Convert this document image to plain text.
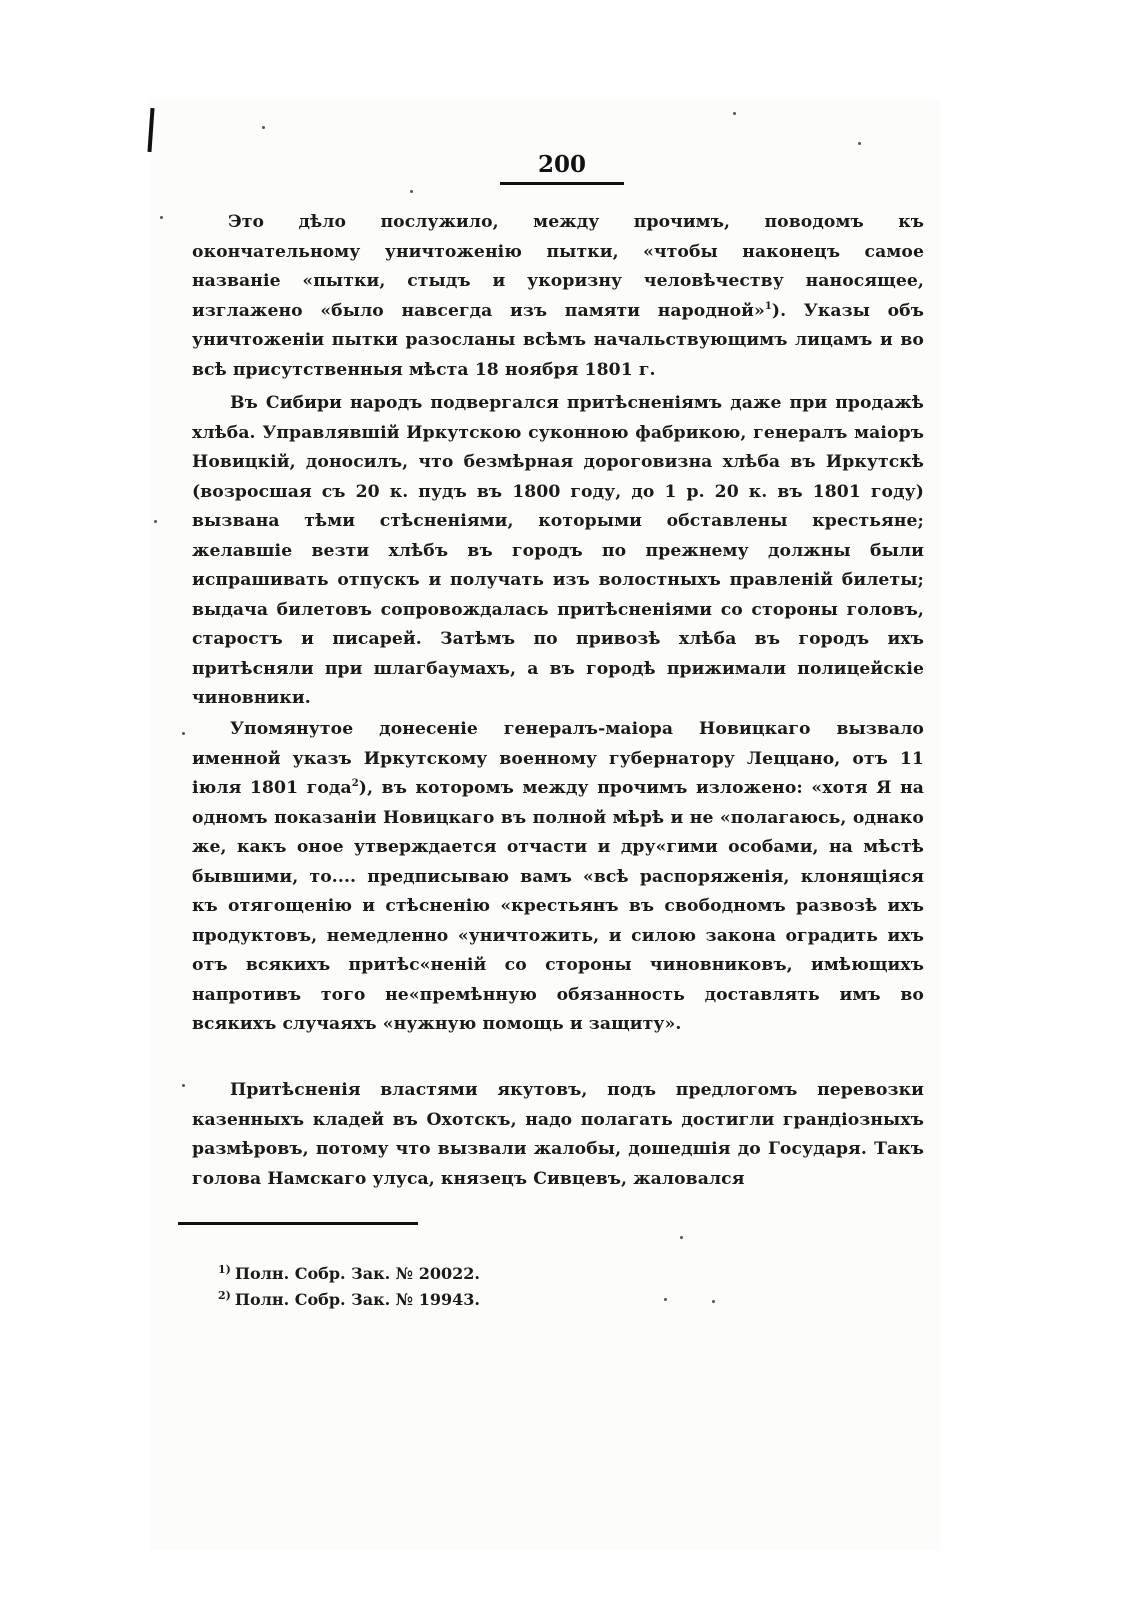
200

Это дѣло послужило, между прочимъ, поводомъ къ окончательному уничтоженію пытки, «чтобы наконецъ самое названіе «пытки, стыдъ и укоризну человѣчеству наносящее, изглажено «было навсегда изъ памяти народной»$^1$). Указы объ уничтоженіи пытки разосланы всѣмъ начальствующимъ лицамъ и во всѣ присутственныя мѣста 18 ноября 1801 г.

Въ Сибири народъ подвергался притѣсненіямъ даже при продажѣ хлѣба. Управлявшій Иркутскою суконною фабрикою, генералъ маіоръ Новицкій, доносилъ, что безмѣрная дороговизна хлѣба въ Иркутскѣ (возросшая съ 20 к. пудъ въ 1800 году, до 1 р. 20 к. въ 1801 году) вызвана тѣми стѣсненіями, которыми обставлены крестьяне; желавшіе везти хлѣбъ въ городъ по прежнему должны были испрашивать отпускъ и получать изъ волостныхъ правленій билеты; выдача билетовъ сопровождалась притѣсненіями со стороны головъ, старостъ и писарей. Затѣмъ по привозѣ хлѣба въ городъ ихъ притѣсняли при шлагбаумахъ, а въ городѣ прижимали полицейскіе чиновники.

Упомянутое донесеніе генералъ-маіора Новицкаго вызвало именной указъ Иркутскому военному губернатору Леццано, отъ 11 іюля 1801 года$^2$), въ которомъ между прочимъ изложено: «хотя Я на одномъ показаніи Новицкаго въ полной мѣрѣ и не «полагаюсь, однако же, какъ оное утверждается отчасти и дру«гими особами, на мѣстѣ бывшими, то.... предписываю вамъ «всѣ распоряженія, клонящіяся къ отягощенію и стѣсненію «крестьянъ въ свободномъ развозѣ ихъ продуктовъ, немедленно «уничтожить, и силою закона оградить ихъ отъ всякихъ притѣс«неній со стороны чиновниковъ, имѣющихъ напротивъ того не«премѣнную обязанность доставлять имъ во всякихъ случаяхъ «нужную помощь и защиту».

Притѣсненія властями якутовъ, подъ предлогомъ перевозки казенныхъ кладей въ Охотскъ, надо полагать достигли грандіозныхъ размѣровъ, потому что вызвали жалобы, дошедшія до Государя. Такъ голова Намскаго улуса, князецъ Сивцевъ, жаловался

$^{1)}$ Полн. Собр. Зак. № 20022.
$^{2)}$ Полн. Собр. Зак. № 19943.
